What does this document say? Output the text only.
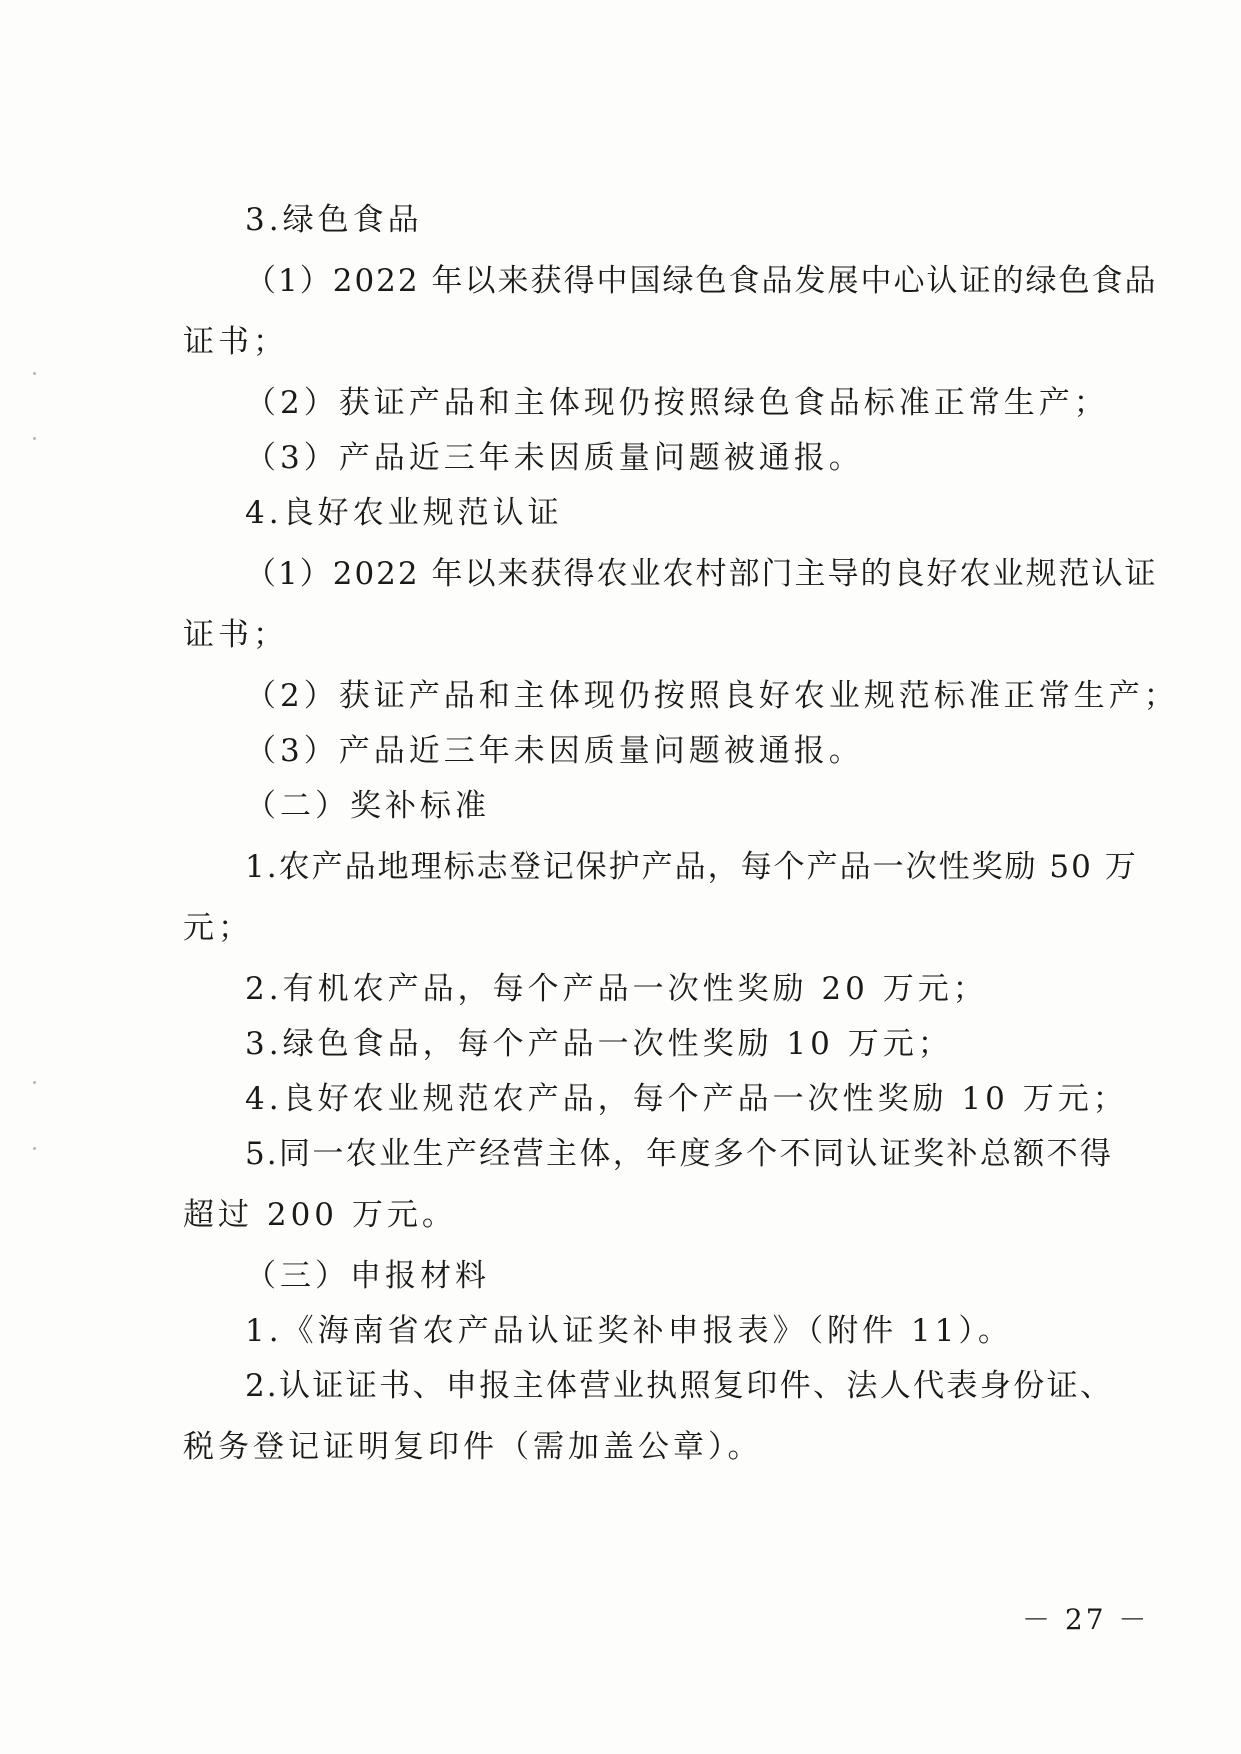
3.绿色食品
（1）2022 年以来获得中国绿色食品发展中心认证的绿色食品
证书；
（2）获证产品和主体现仍按照绿色食品标准正常生产；
（3）产品近三年未因质量问题被通报。
4.良好农业规范认证
（1）2022 年以来获得农业农村部门主导的良好农业规范认证
证书；
（2）获证产品和主体现仍按照良好农业规范标准正常生产；
（3）产品近三年未因质量问题被通报。
（二）奖补标准
1.农产品地理标志登记保护产品，每个产品一次性奖励 50 万
元；
2.有机农产品，每个产品一次性奖励 20 万元；
3.绿色食品，每个产品一次性奖励 10 万元；
4.良好农业规范农产品，每个产品一次性奖励 10 万元；
5.同一农业生产经营主体，年度多个不同认证奖补总额不得
超过 200 万元。
（三）申报材料
1.《海南省农产品认证奖补申报表》（附件 11）。
2.认证证书、申报主体营业执照复印件、法人代表身份证、
税务登记证明复印件（需加盖公章）。
－ 27 －
